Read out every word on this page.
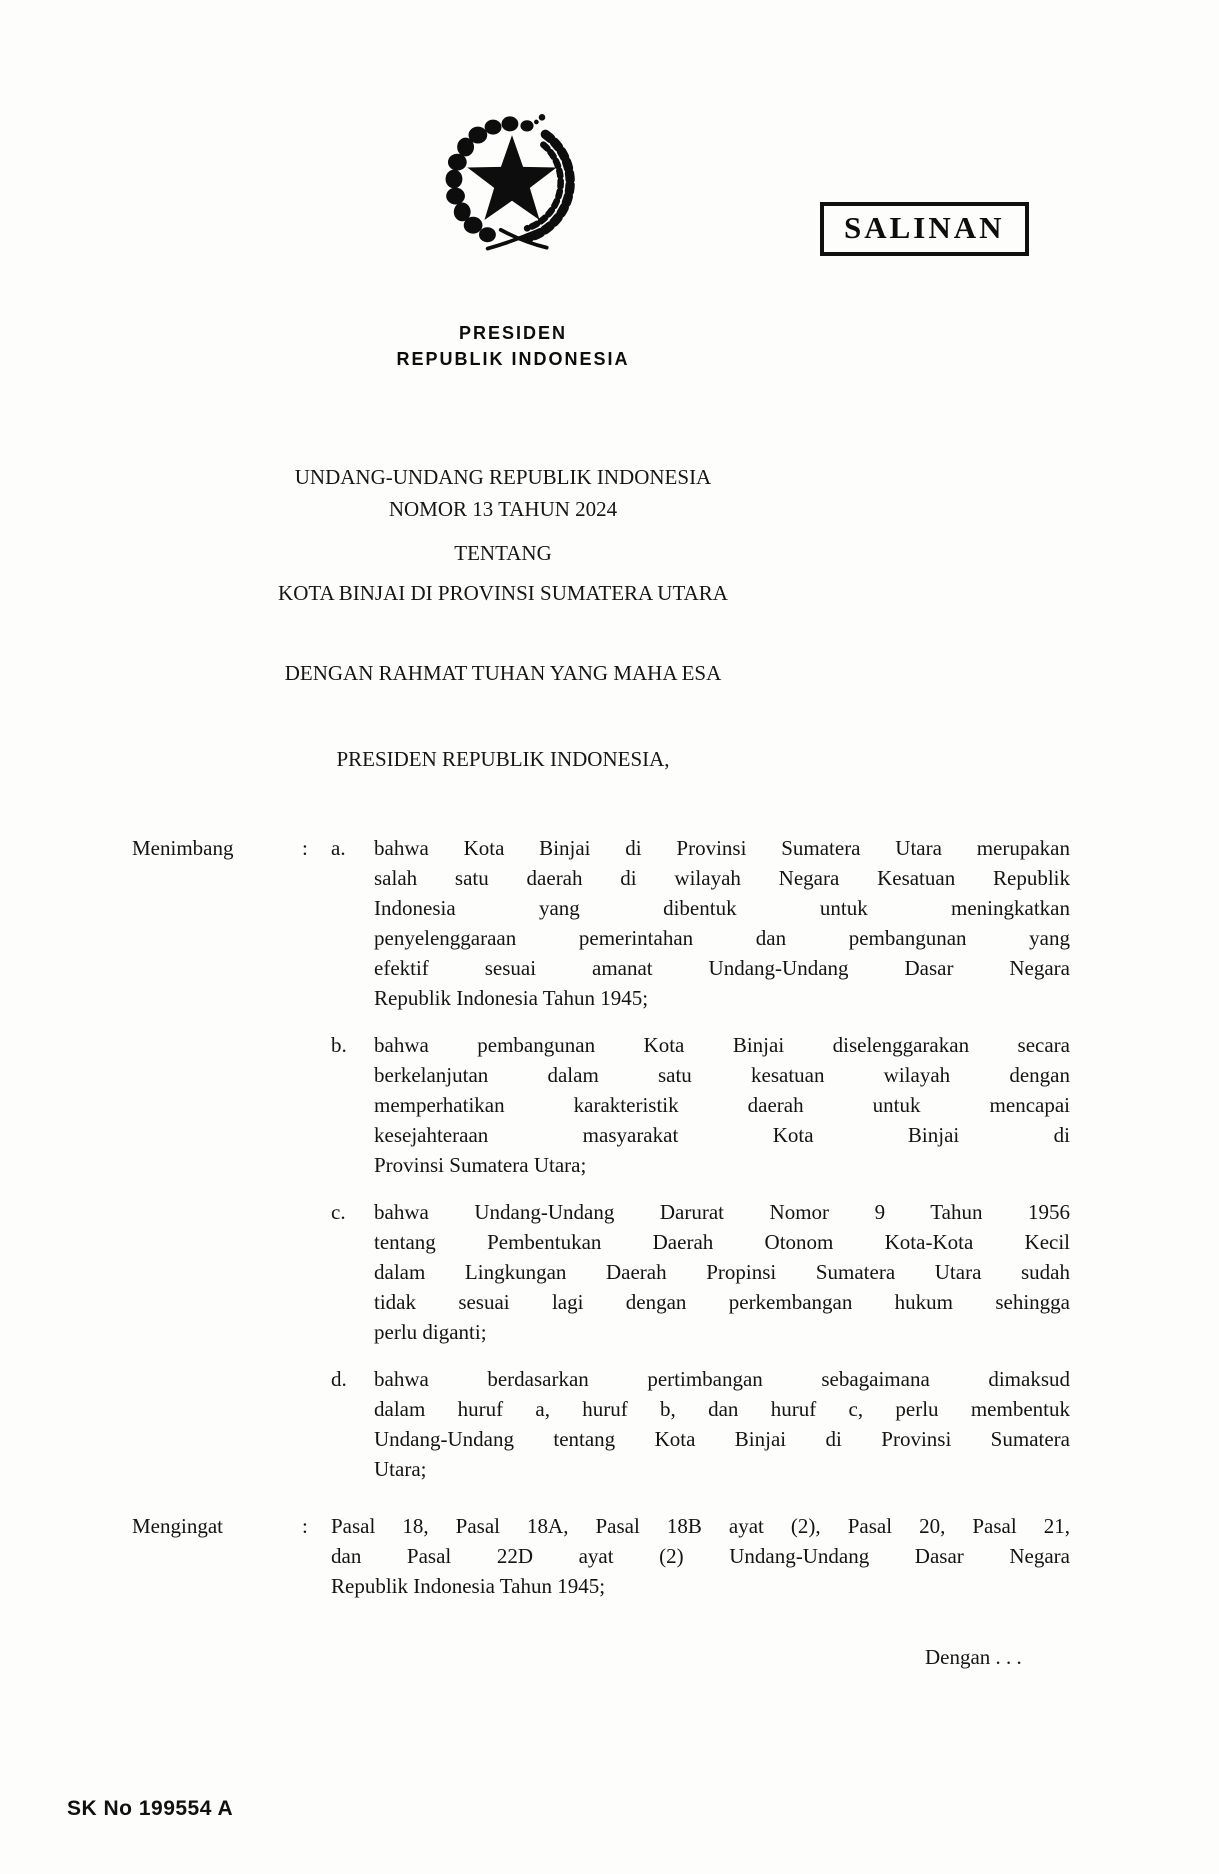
SALINAN
PRESIDEN
REPUBLIK INDONESIA
UNDANG-UNDANG REPUBLIK INDONESIA
NOMOR 13 TAHUN 2024
TENTANG
KOTA BINJAI DI PROVINSI SUMATERA UTARA
DENGAN RAHMAT TUHAN YANG MAHA ESA
PRESIDEN REPUBLIK INDONESIA,
Menimbang	:	a.	bahwa Kota Binjai di Provinsi Sumatera Utara merupakan
salah satu daerah di wilayah Negara Kesatuan Republik
Indonesia yang dibentuk untuk meningkatkan
penyelenggaraan pemerintahan dan pembangunan yang
efektif sesuai amanat Undang-Undang Dasar Negara
Republik Indonesia Tahun 1945;
b.	bahwa pembangunan Kota Binjai diselenggarakan secara
berkelanjutan dalam satu kesatuan wilayah dengan
memperhatikan karakteristik daerah untuk mencapai
kesejahteraan masyarakat Kota Binjai di
Provinsi Sumatera Utara;
c.	bahwa Undang-Undang Darurat Nomor 9 Tahun 1956
tentang Pembentukan Daerah Otonom Kota-Kota Kecil
dalam Lingkungan Daerah Propinsi Sumatera Utara sudah
tidak sesuai lagi dengan perkembangan hukum sehingga
perlu diganti;
d.	bahwa berdasarkan pertimbangan sebagaimana dimaksud
dalam huruf a, huruf b, dan huruf c, perlu membentuk
Undang-Undang tentang Kota Binjai di Provinsi Sumatera
Utara;
Mengingat	:	Pasal 18, Pasal 18A, Pasal 18B ayat (2), Pasal 20, Pasal 21,
dan Pasal 22D ayat (2) Undang-Undang Dasar Negara
Republik Indonesia Tahun 1945;
Dengan . . .
SK No 199554 A
